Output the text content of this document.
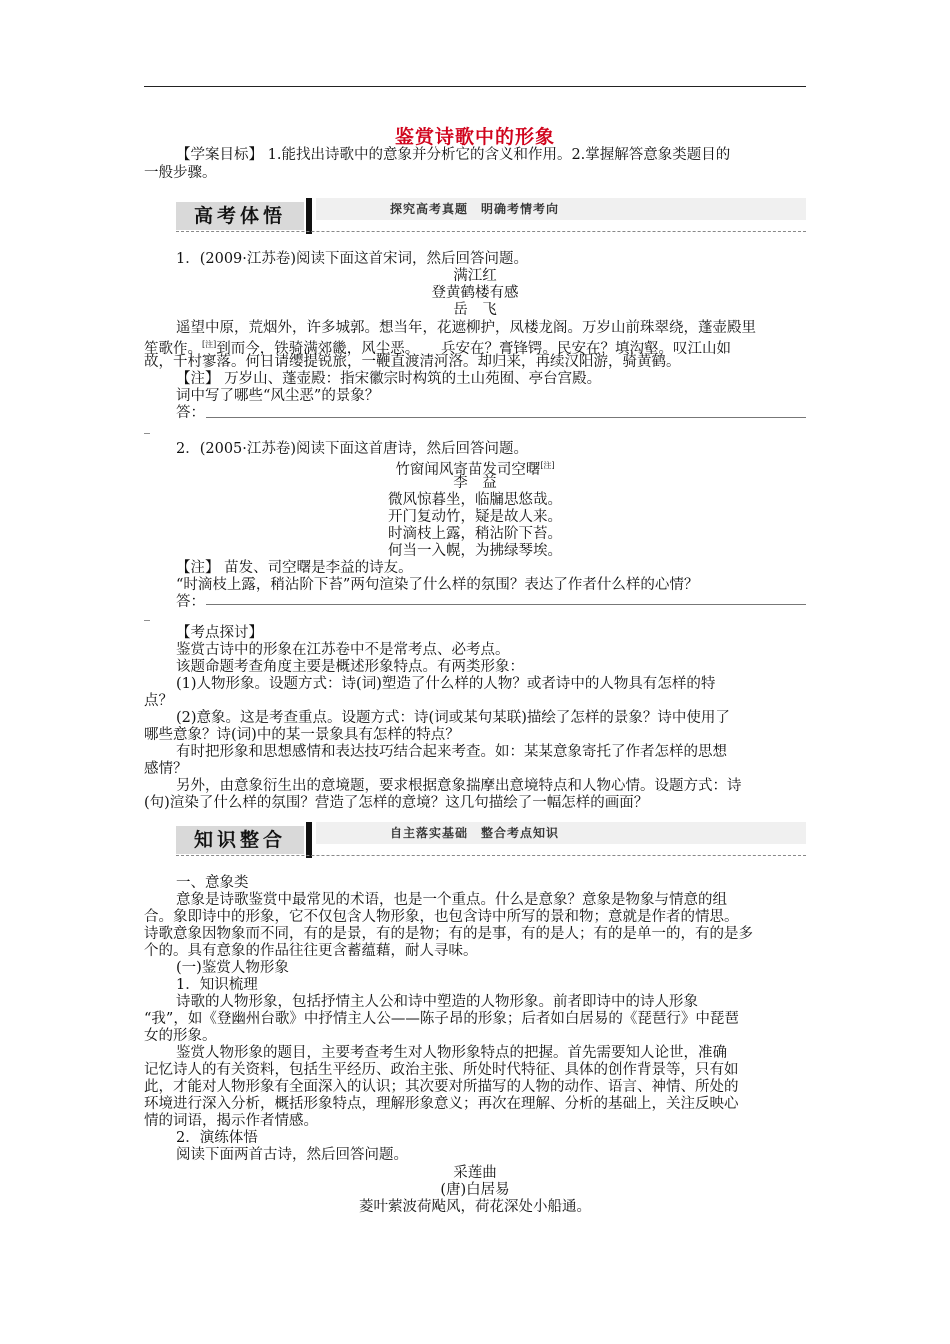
鉴赏诗歌中的形象
【学案目标】 1.能找出诗歌中的意象并分析它的含义和作用。2.掌握解答意象类题目的
一般步骤。
高考体悟	探究高考真题　明确考情考向
1．(2009·江苏卷)阅读下面这首宋词，然后回答问题。
满江红
登黄鹤楼有感
岳　飞
遥望中原，荒烟外，许多城郭。想当年，花遮柳护，凤楼龙阁。万岁山前珠翠绕，蓬壶殿里
笙歌作。[注]到而今，铁骑满郊畿，风尘恶。　　兵安在？膏锋锷。民安在？填沟壑。叹江山如
故，千村寥落。何日请缨提锐旅，一鞭直渡清河洛。却归来，再续汉阳游，骑黄鹤。
【注】 万岁山、蓬壶殿：指宋徽宗时构筑的土山苑囿、亭台宫殿。
词中写了哪些“风尘恶”的景象？
答：
_
2．(2005·江苏卷)阅读下面这首唐诗，然后回答问题。
竹窗闻风寄苗发司空曙[注]
李　益
微风惊暮坐，临牖思悠哉。
开门复动竹，疑是故人来。
时滴枝上露，稍沾阶下苔。
何当一入幌，为拂绿琴埃。
【注】 苗发、司空曙是李益的诗友。
“时滴枝上露，稍沾阶下苔”两句渲染了什么样的氛围？表达了作者什么样的心情？
答：
_
【考点探讨】
鉴赏古诗中的形象在江苏卷中不是常考点、必考点。
该题命题考查角度主要是概述形象特点。有两类形象：
(1)人物形象。设题方式：诗(词)塑造了什么样的人物？或者诗中的人物具有怎样的特
点？
(2)意象。这是考查重点。设题方式：诗(词或某句某联)描绘了怎样的景象？诗中使用了
哪些意象？诗(词)中的某一景象具有怎样的特点？
有时把形象和思想感情和表达技巧结合起来考查。如：某某意象寄托了作者怎样的思想
感情？
另外，由意象衍生出的意境题，要求根据意象揣摩出意境特点和人物心情。设题方式：诗
(句)渲染了什么样的氛围？营造了怎样的意境？这几句描绘了一幅怎样的画面？
知识整合	自主落实基础　整合考点知识
一、意象类
意象是诗歌鉴赏中最常见的术语，也是一个重点。什么是意象？意象是物象与情意的组
合。象即诗中的形象，它不仅包含人物形象，也包含诗中所写的景和物；意就是作者的情思。
诗歌意象因物象而不同，有的是景，有的是物；有的是事，有的是人；有的是单一的，有的是多
个的。具有意象的作品往往更含蓄蕴藉，耐人寻味。
(一)鉴赏人物形象
1．知识梳理
诗歌的人物形象，包括抒情主人公和诗中塑造的人物形象。前者即诗中的诗人形象
“我”，如《登幽州台歌》中抒情主人公——陈子昂的形象；后者如白居易的《琵琶行》中琵琶
女的形象。
鉴赏人物形象的题目，主要考查考生对人物形象特点的把握。首先需要知人论世，准确
记忆诗人的有关资料，包括生平经历、政治主张、所处时代特征、具体的创作背景等，只有如
此，才能对人物形象有全面深入的认识；其次要对所描写的人物的动作、语言、神情、所处的
环境进行深入分析，概括形象特点，理解形象意义；再次在理解、分析的基础上，关注反映心
情的词语，揭示作者情感。
2．演练体悟
阅读下面两首古诗，然后回答问题。
采莲曲
(唐)白居易
菱叶萦波荷飐风，荷花深处小船通。
